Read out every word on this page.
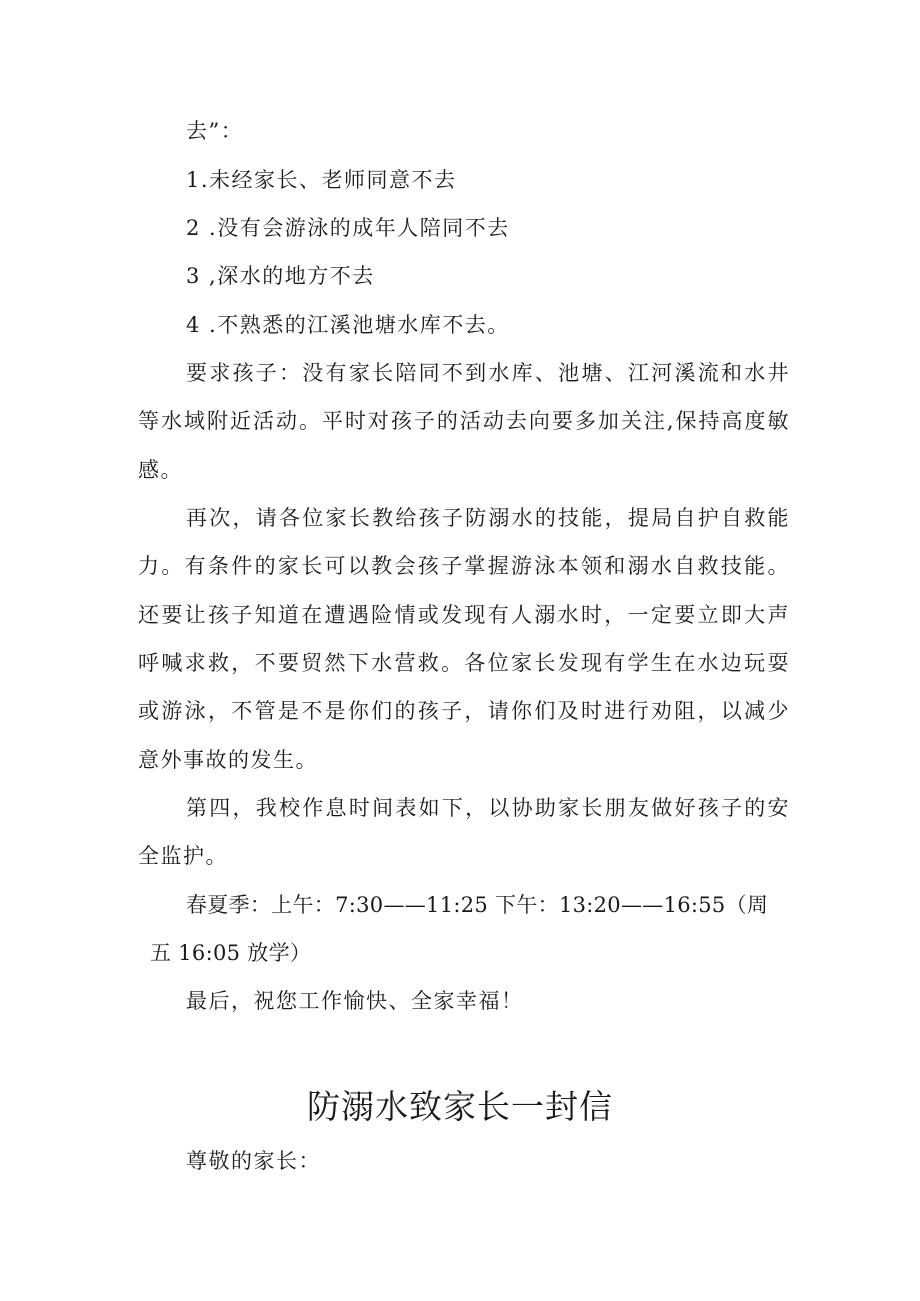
去”：
1.未经家长、老师同意不去
2 .没有会游泳的成年人陪同不去
3 ,深水的地方不去
4 .不熟悉的江溪池塘水库不去。
要求孩子：没有家长陪同不到水库、池塘、江河溪流和水井
等水域附近活动。平时对孩子的活动去向要多加关注,保持高度敏
感。
再次，请各位家长教给孩子防溺水的技能，提局自护自救能
力。有条件的家长可以教会孩子掌握游泳本领和溺水自救技能。
还要让孩子知道在遭遇险情或发现有人溺水时，一定要立即大声
呼喊求救，不要贸然下水营救。各位家长发现有学生在水边玩耍
或游泳，不管是不是你们的孩子，请你们及时进行劝阻，以减少
意外事故的发生。
第四，我校作息时间表如下，以协助家长朋友做好孩子的安
全监护。
春夏季：上午：7:30——11:25 下午：13:20——16:55（周
五 16:05 放学）
最后，祝您工作愉快、全家幸福！
防溺水致家长一封信
尊敬的家长：
